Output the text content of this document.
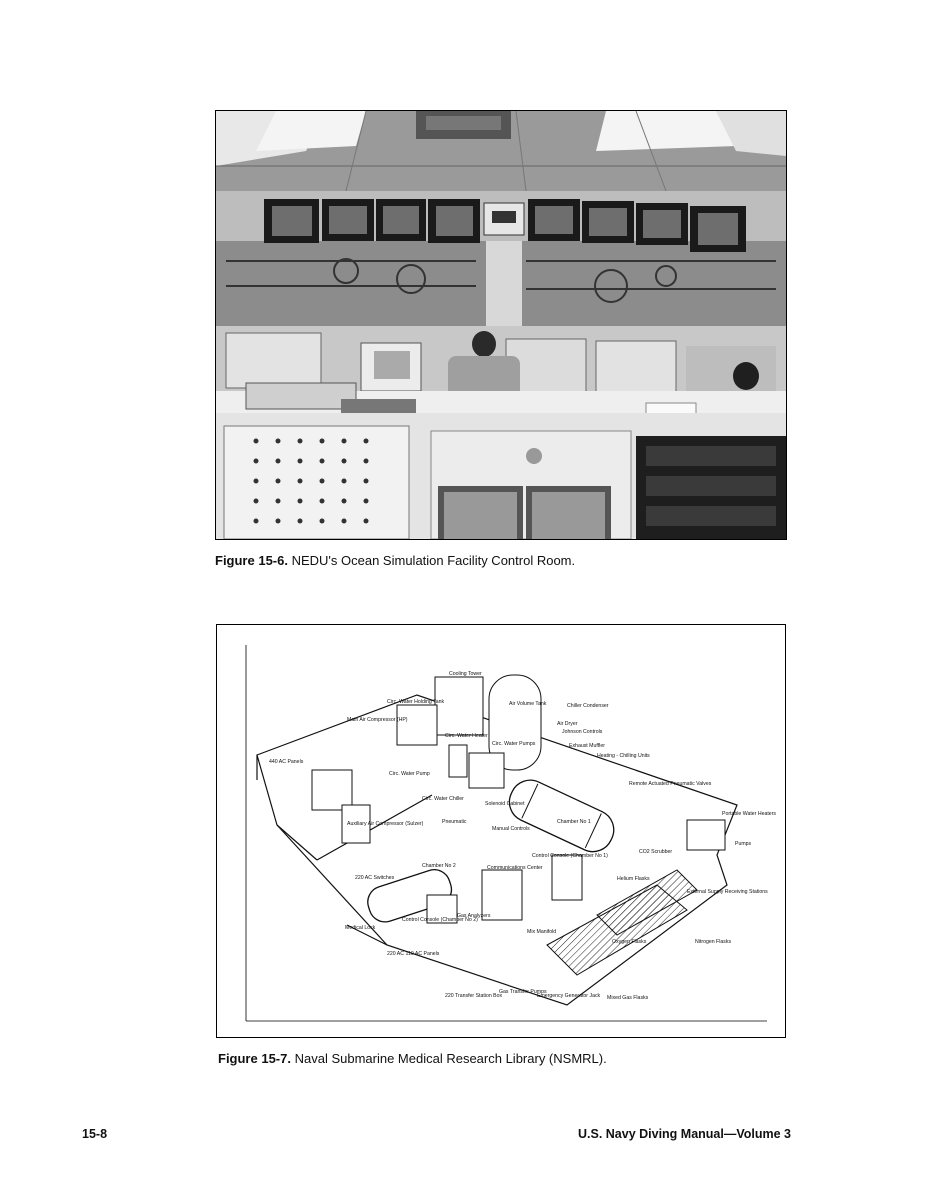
Figure 15-6. NEDU's Ocean Simulation Facility Control Room.
Cooling Tower
Air Volume Tank
Circ. Water Holding Tank
Main Air Compressor (HP)
Chiller Condenser
Air Dryer
Johnson Controls
Exhaust Muffler
Circ. Water Heater
Circ. Water Pumps
Heating - Chilling Units
440 AC Panels
Circ. Water Pump
Remote Actuated Pneumatic Valves
Circ. Water Chiller
Solenoid Cabinet
Pneumatic	Chamber No 1
Portable Water Heaters
Auxiliary Air Compressor (Sulzer)
Manual Controls
Pumps
Chamber No 2	Communications Center
Control Console (Chamber No 1)
CO2 Scrubber
220 AC Switches	Helium Flasks
External Supply Receiving Stations
Control Console (Chamber No 2)
Gas Analyzers
Medical Lock
Mix Manifold
Oxygen Flasks	Nitrogen Flasks
220 AC 110 AC Panels
Gas Transfer Pumps
Emergency Generator Jack Mixed Gas Flasks
220 Transfer Station Box
Figure 15-7. Naval Submarine Medical Research Library (NSMRL).
15-8	U.S. Navy Diving Manual—Volume 3
